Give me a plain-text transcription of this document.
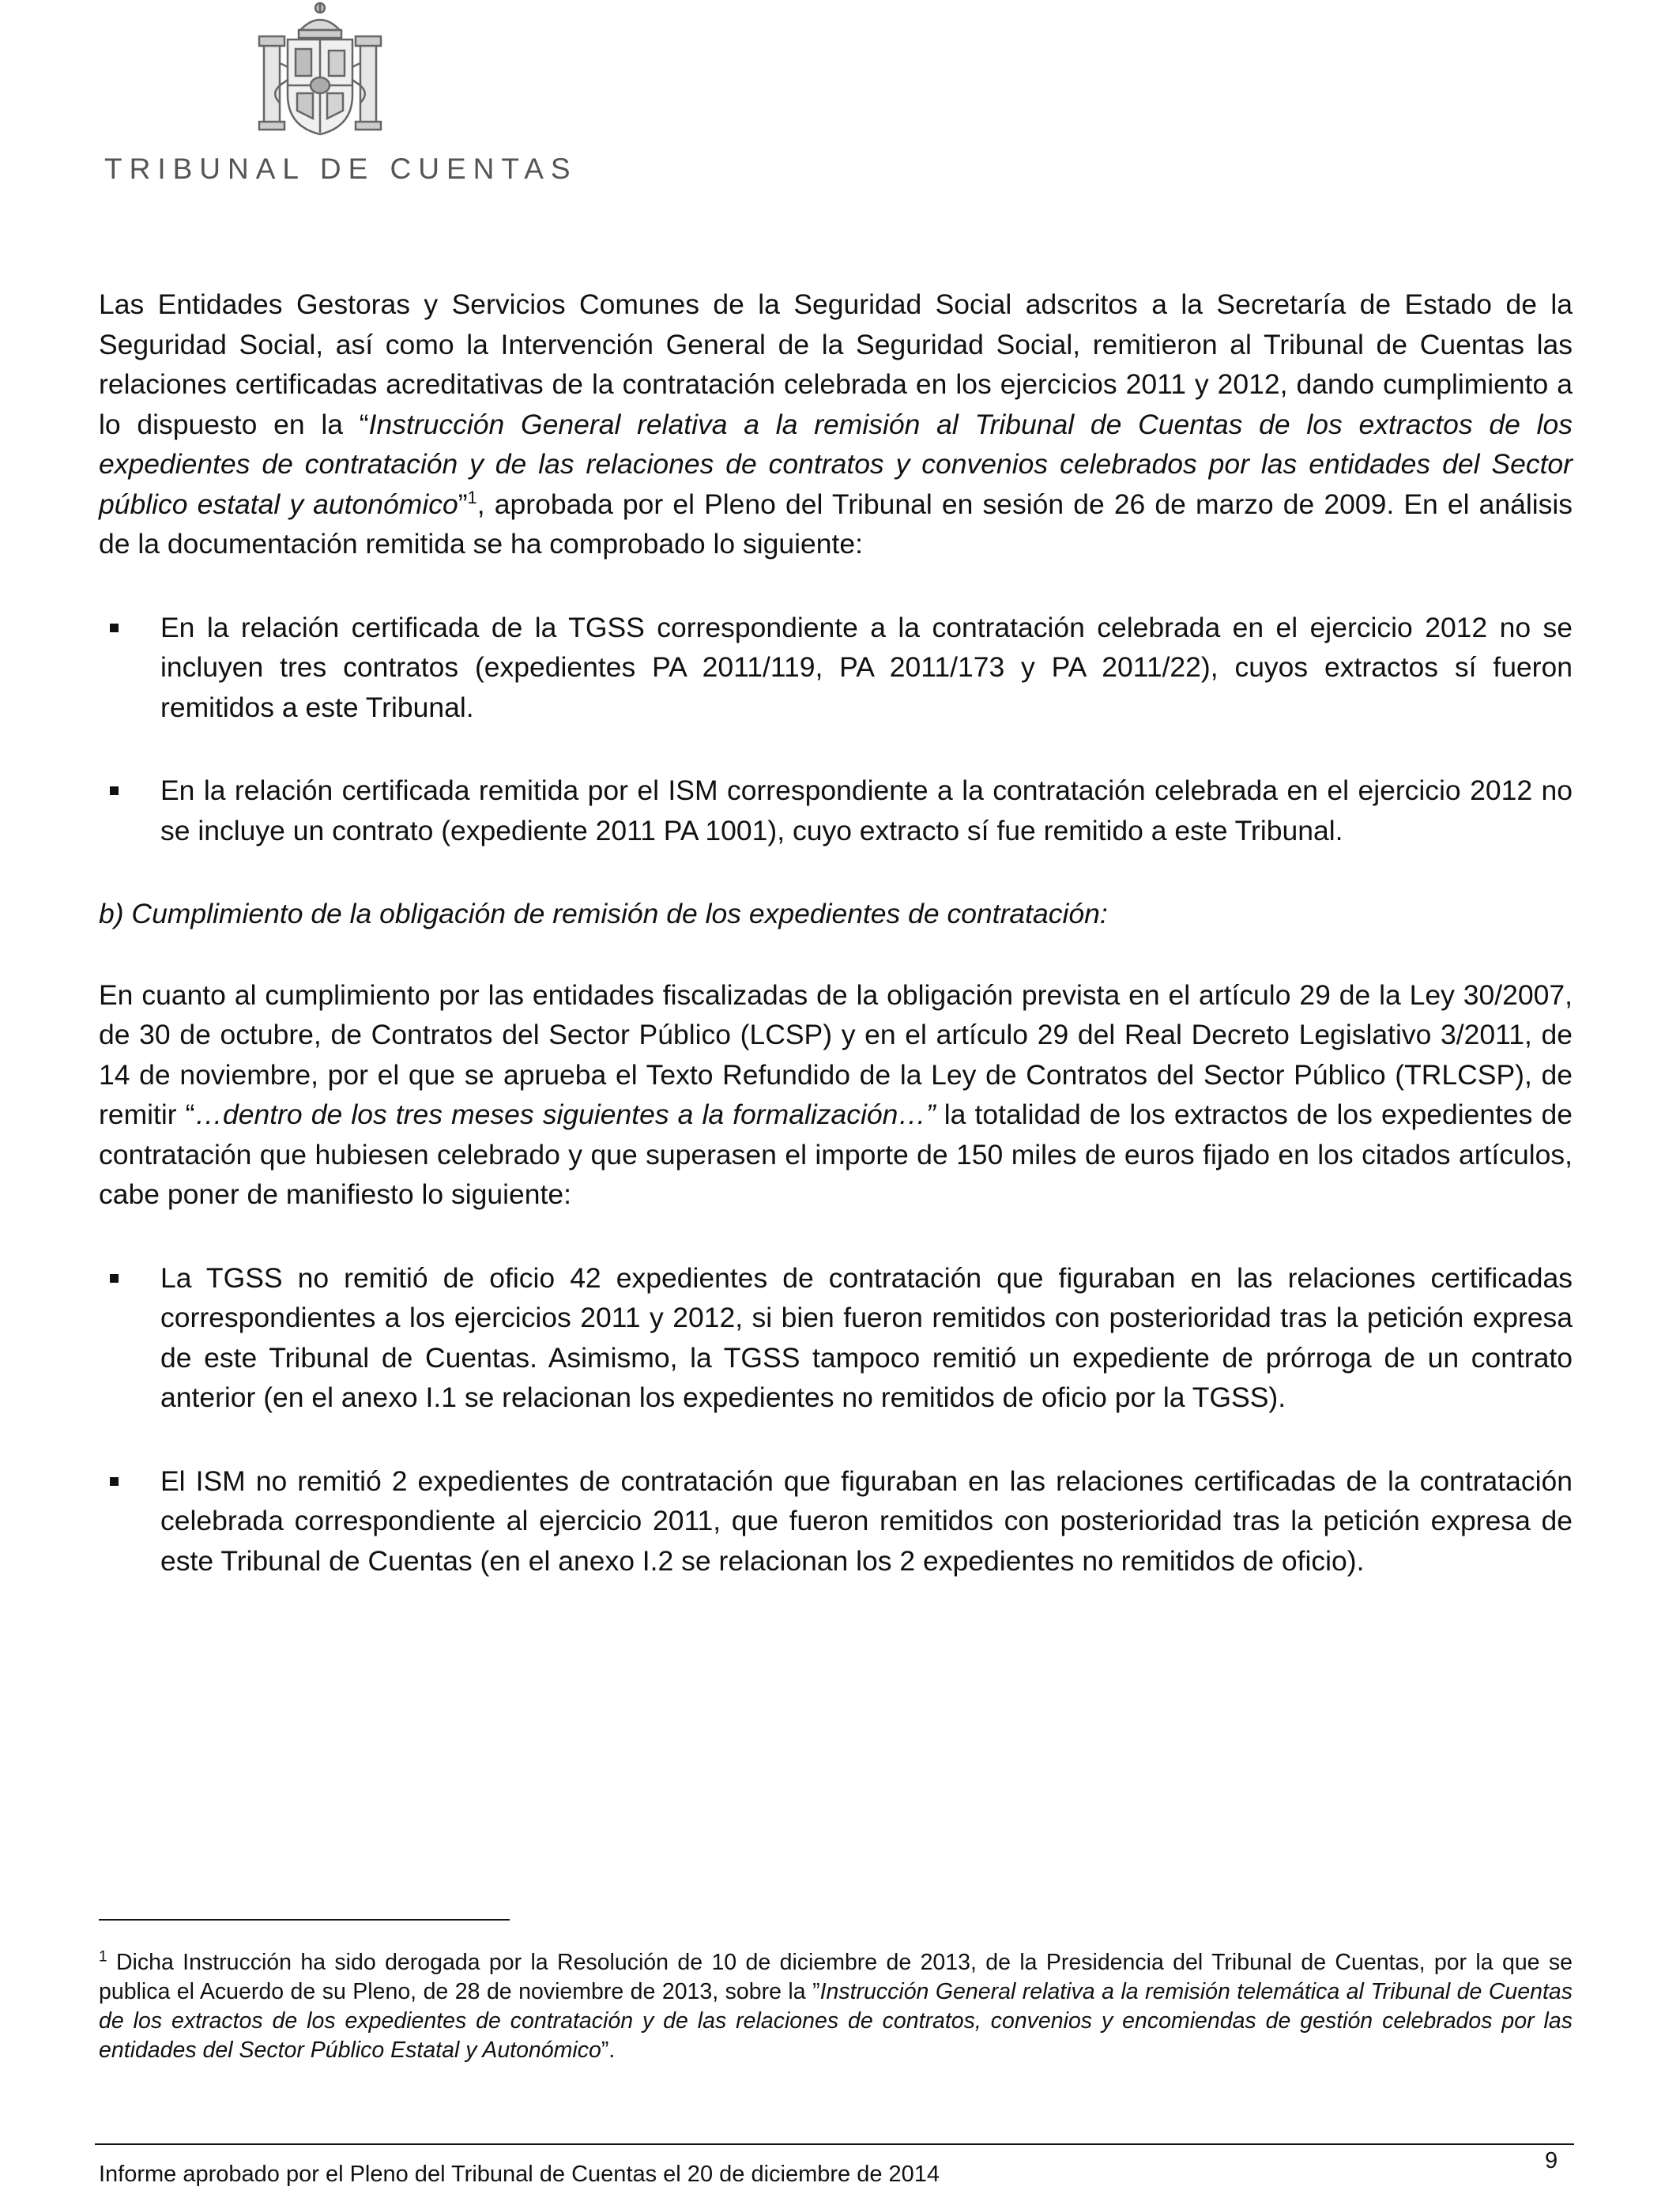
TRIBUNAL DE CUENTAS

Las Entidades Gestoras y Servicios Comunes de la Seguridad Social adscritos a la Secretaría de Estado de la Seguridad Social, así como la Intervención General de la Seguridad Social, remitieron al Tribunal de Cuentas las relaciones certificadas acreditativas de la contratación celebrada en los ejercicios 2011 y 2012, dando cumplimiento a lo dispuesto en la “Instrucción General relativa a la remisión al Tribunal de Cuentas de los extractos de los expedientes de contratación y de las relaciones de contratos y convenios celebrados por las entidades del Sector público estatal y autonómico”$^1$, aprobada por el Pleno del Tribunal en sesión de 26 de marzo de 2009. En el análisis de la documentación remitida se ha comprobado lo siguiente:

En la relación certificada de la TGSS correspondiente a la contratación celebrada en el ejercicio 2012 no se incluyen tres contratos (expedientes PA 2011/119, PA 2011/173 y PA 2011/22), cuyos extractos sí fueron remitidos a este Tribunal.
En la relación certificada remitida por el ISM correspondiente a la contratación celebrada en el ejercicio 2012 no se incluye un contrato (expediente 2011 PA 1001), cuyo extracto sí fue remitido a este Tribunal.

b) Cumplimiento de la obligación de remisión de los expedientes de contratación:

En cuanto al cumplimiento por las entidades fiscalizadas de la obligación prevista en el artículo 29 de la Ley 30/2007, de 30 de octubre, de Contratos del Sector Público (LCSP) y en el artículo 29 del Real Decreto Legislativo 3/2011, de 14 de noviembre, por el que se aprueba el Texto Refundido de la Ley de Contratos del Sector Público (TRLCSP), de remitir “…dentro de los tres meses siguientes a la formalización…” la totalidad de los extractos de los expedientes de contratación que hubiesen celebrado y que superasen el importe de 150 miles de euros fijado en los citados artículos, cabe poner de manifiesto lo siguiente:

La TGSS no remitió de oficio 42 expedientes de contratación que figuraban en las relaciones certificadas correspondientes a los ejercicios 2011 y 2012, si bien fueron remitidos con posterioridad tras la petición expresa de este Tribunal de Cuentas. Asimismo, la TGSS tampoco remitió un expediente de prórroga de un contrato anterior (en el anexo I.1 se relacionan los expedientes no remitidos de oficio por la TGSS).
El ISM no remitió 2 expedientes de contratación que figuraban en las relaciones certificadas de la contratación celebrada correspondiente al ejercicio 2011, que fueron remitidos con posterioridad tras la petición expresa de este Tribunal de Cuentas (en el anexo I.2 se relacionan los 2 expedientes no remitidos de oficio).

$^1$ Dicha Instrucción ha sido derogada por la Resolución de 10 de diciembre de 2013, de la Presidencia del Tribunal de Cuentas, por la que se publica el Acuerdo de su Pleno, de 28 de noviembre de 2013, sobre la ”Instrucción General relativa a la remisión telemática al Tribunal de Cuentas de los extractos de los expedientes de contratación y de las relaciones de contratos, convenios y encomiendas de gestión celebrados por las entidades del Sector Público Estatal y Autonómico”.

9
Informe aprobado por el Pleno del Tribunal de Cuentas el 20 de diciembre de 2014
